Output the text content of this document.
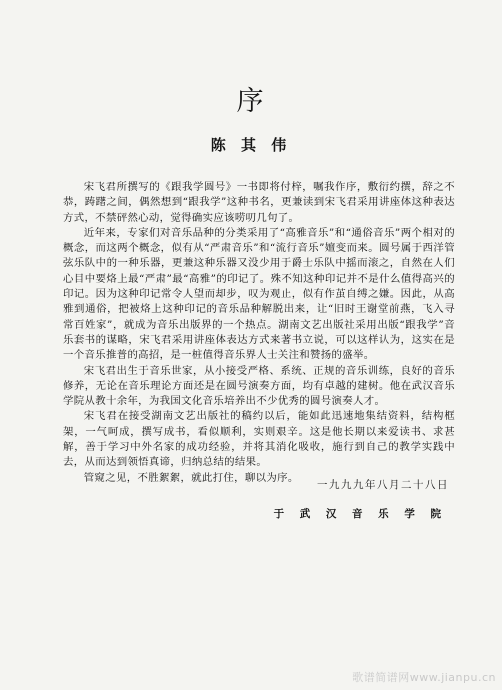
序
陈 其 伟

宋飞君所撰写的《跟我学圆号》一书即将付梓，嘱我作序，敷衍约撰，辞之不恭，踌躇之间，偶然想到“跟我学”这种书名，更兼读到宋飞君采用讲座体这种表达方式，不禁砰然心动，觉得确实应该唠叨几句了。

近年来，专家们对音乐品种的分类采用了“高雅音乐”和“通俗音乐”两个相对的概念，而这两个概念，似有从“严肃音乐”和“流行音乐”嬗变而来。圆号属于西洋管弦乐队中的一种乐器，更兼这种乐器又没少用于爵士乐队中摇而滚之，自然在人们心目中要烙上最“严肃”最“高雅”的印记了。殊不知这种印记并不是什么值得高兴的印记。因为这种印记常令人望而却步，叹为观止，似有作茧自缚之嫌。因此，从高雅到通俗，把被烙上这种印记的音乐品种解脱出来，让“旧时王谢堂前燕，飞入寻常百姓家”，就成为音乐出版界的一个热点。湖南文艺出版社采用出版“跟我学”音乐套书的谋略，宋飞君采用讲座体表达方式来著书立说，可以这样认为，这实在是一个音乐推普的高招，是一桩值得音乐界人士关注和赞扬的盛举。

宋飞君出生于音乐世家，从小接受严格、系统、正规的音乐训练，良好的音乐修养，无论在音乐理论方面还是在圆号演奏方面，均有卓越的建树。他在武汉音乐学院从教十余年，为我国文化音乐培养出不少优秀的圆号演奏人才。

宋飞君在接受湖南文艺出版社的稿约以后，能如此迅速地集结资料，结构框架，一气呵成，撰写成书，看似顺利，实则艰辛。这是他长期以来爱读书、求甚解，善于学习中外名家的成功经验，并将其消化吸收，施行到自己的教学实践中去，从而达到领悟真谛，归纳总结的结果。

管窥之见，不胜絮絮，就此打住，聊以为序。

一九九九年八月二十八日
于 武 汉 音 乐 学 院
歌谱简谱网www.jianpu.cn
